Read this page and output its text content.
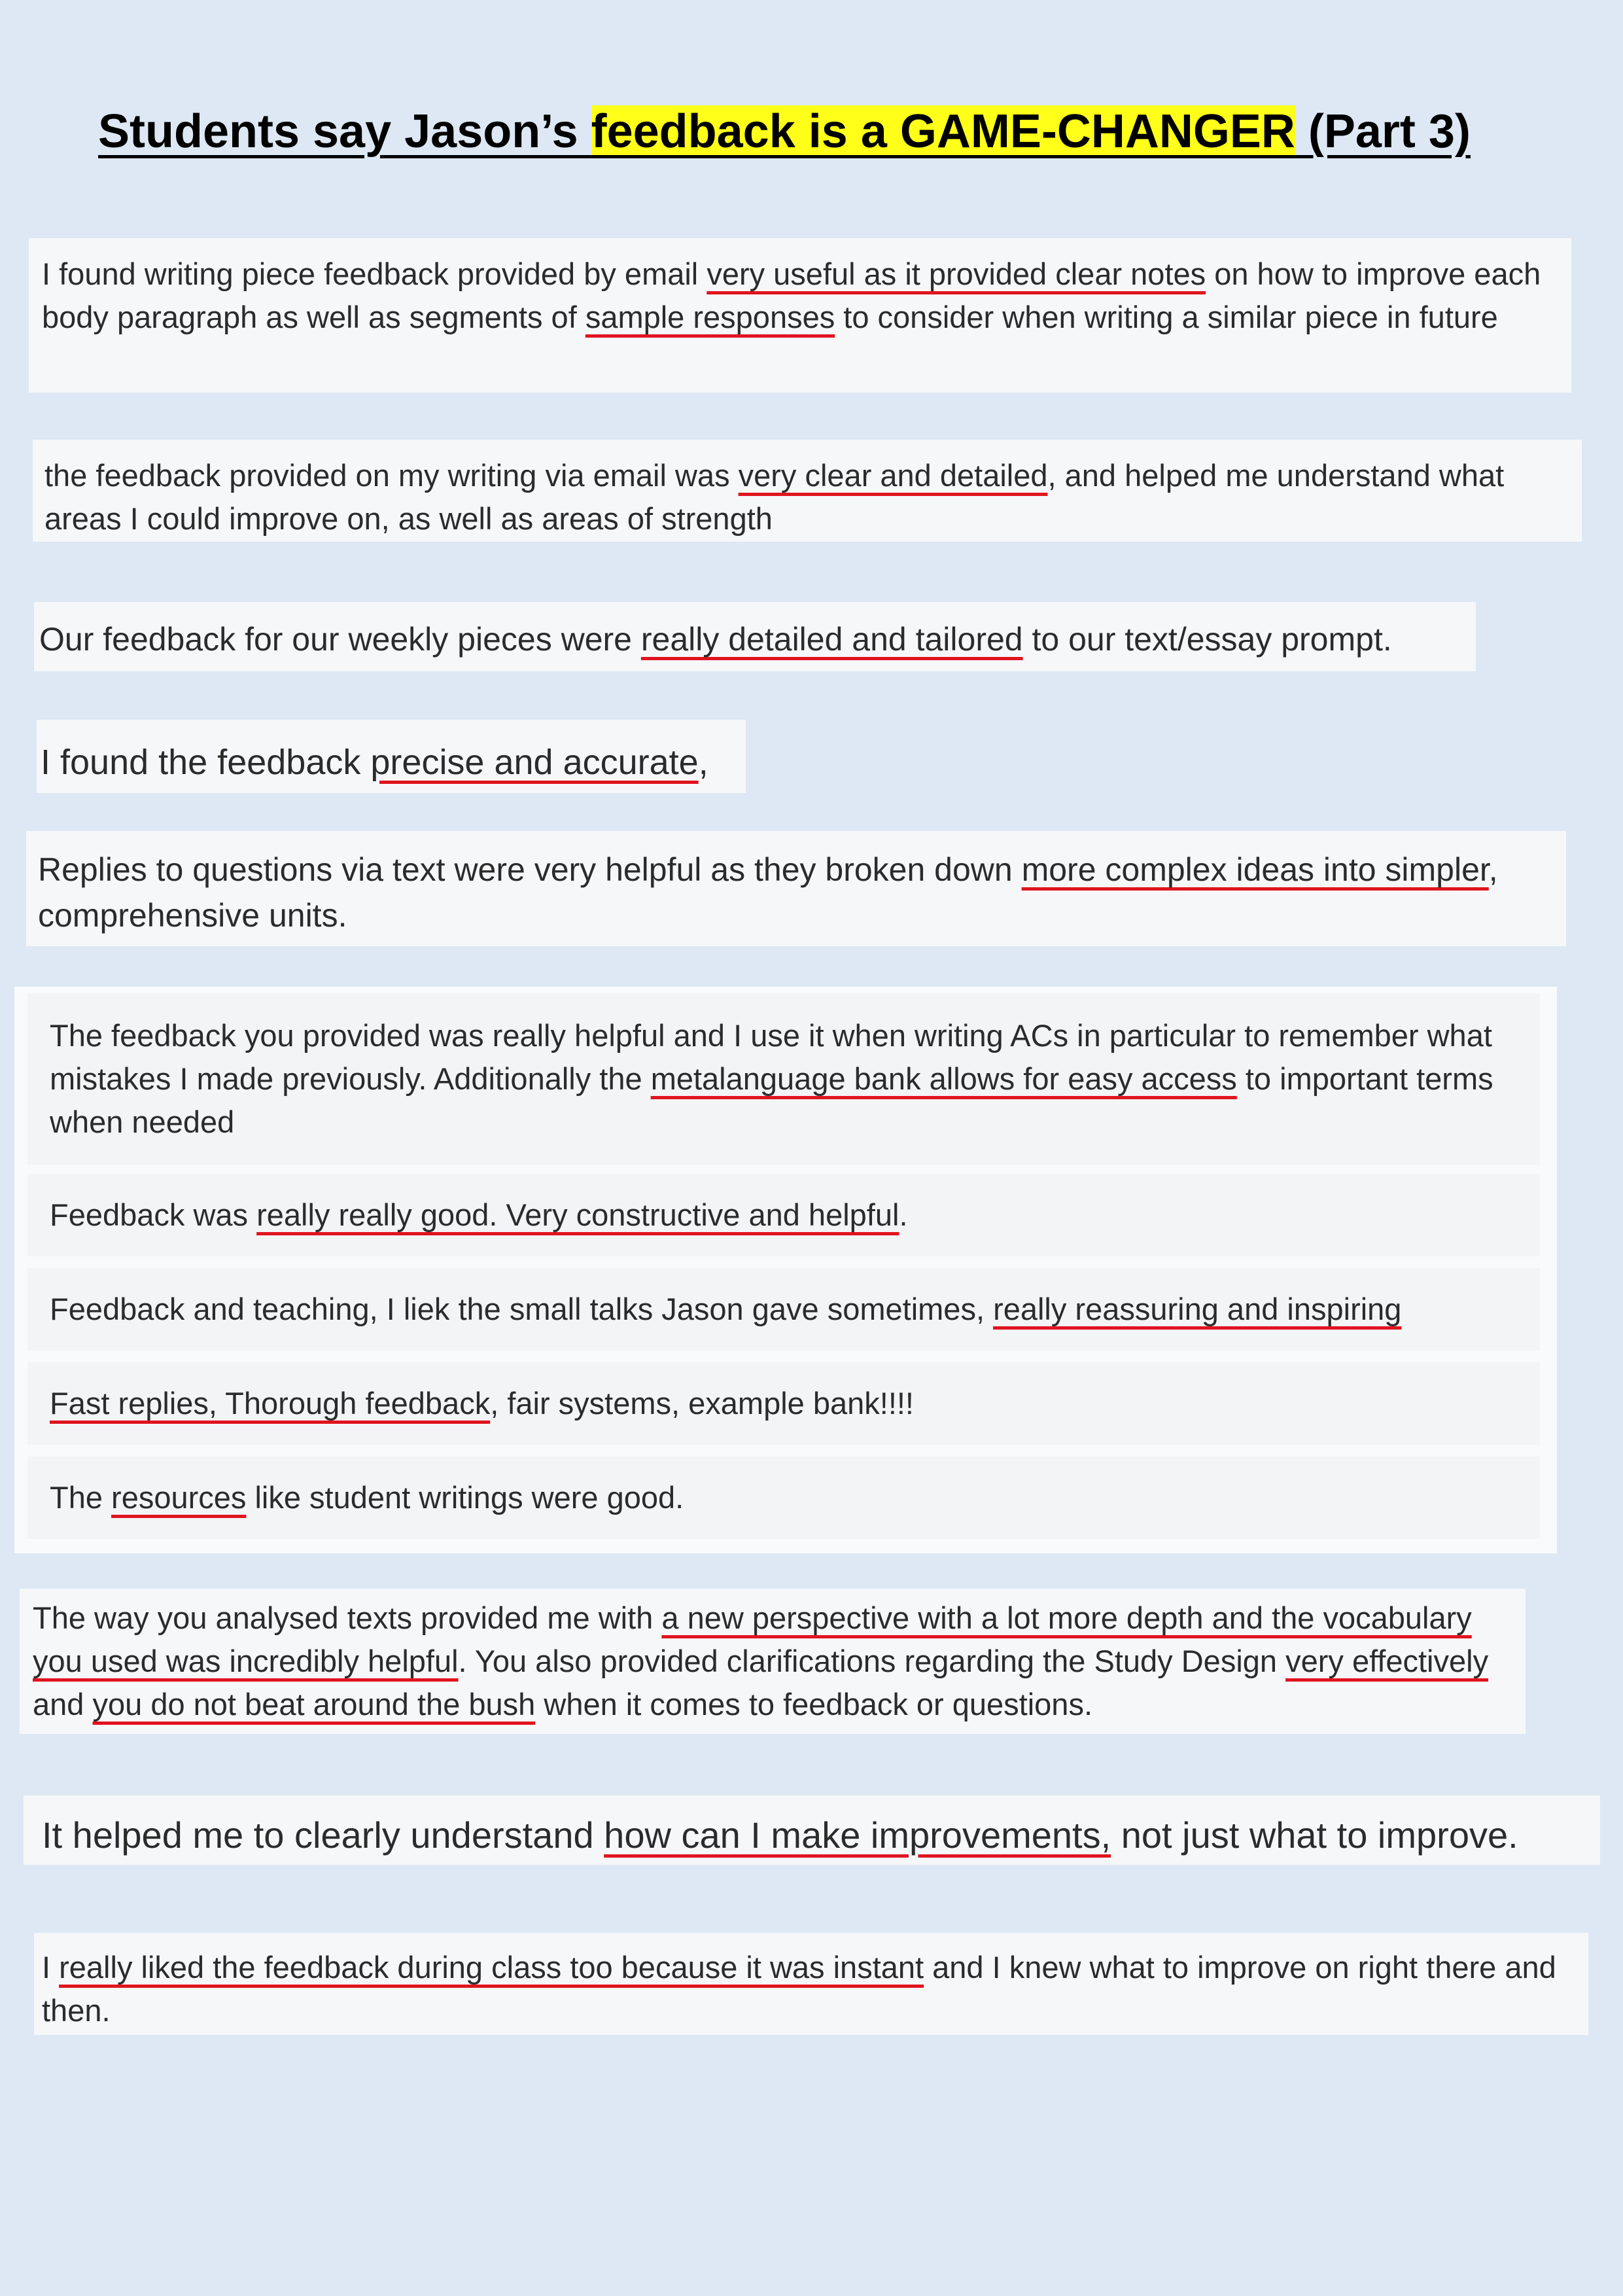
Students say Jason’s feedback is a GAME-CHANGER (Part 3)

I found writing piece feedback provided by email very useful as it provided clear notes on how to improve each body paragraph as well as segments of sample responses to consider when writing a similar piece in future

the feedback provided on my writing via email was very clear and detailed, and helped me understand what areas I could improve on, as well as areas of strength

Our feedback for our weekly pieces were really detailed and tailored to our text/essay prompt.

I found the feedback precise and accurate,

Replies to questions via text were very helpful as they broken down more complex ideas into simpler, comprehensive units.

The feedback you provided was really helpful and I use it when writing ACs in particular to remember what mistakes I made previously. Additionally the metalanguage bank allows for easy access to important terms when needed

Feedback was really really good. Very constructive and helpful.

Feedback and teaching, I liek the small talks Jason gave sometimes, really reassuring and inspiring

Fast replies, Thorough feedback, fair systems, example bank!!!!

The resources like student writings were good.

The way you analysed texts provided me with a new perspective with a lot more depth and the vocabulary you used was incredibly helpful. You also provided clarifications regarding the Study Design very effectively and you do not beat around the bush when it comes to feedback or questions.

It helped me to clearly understand how can I make improvements, not just what to improve.

I really liked the feedback during class too because it was instant and I knew what to improve on right there and then.
